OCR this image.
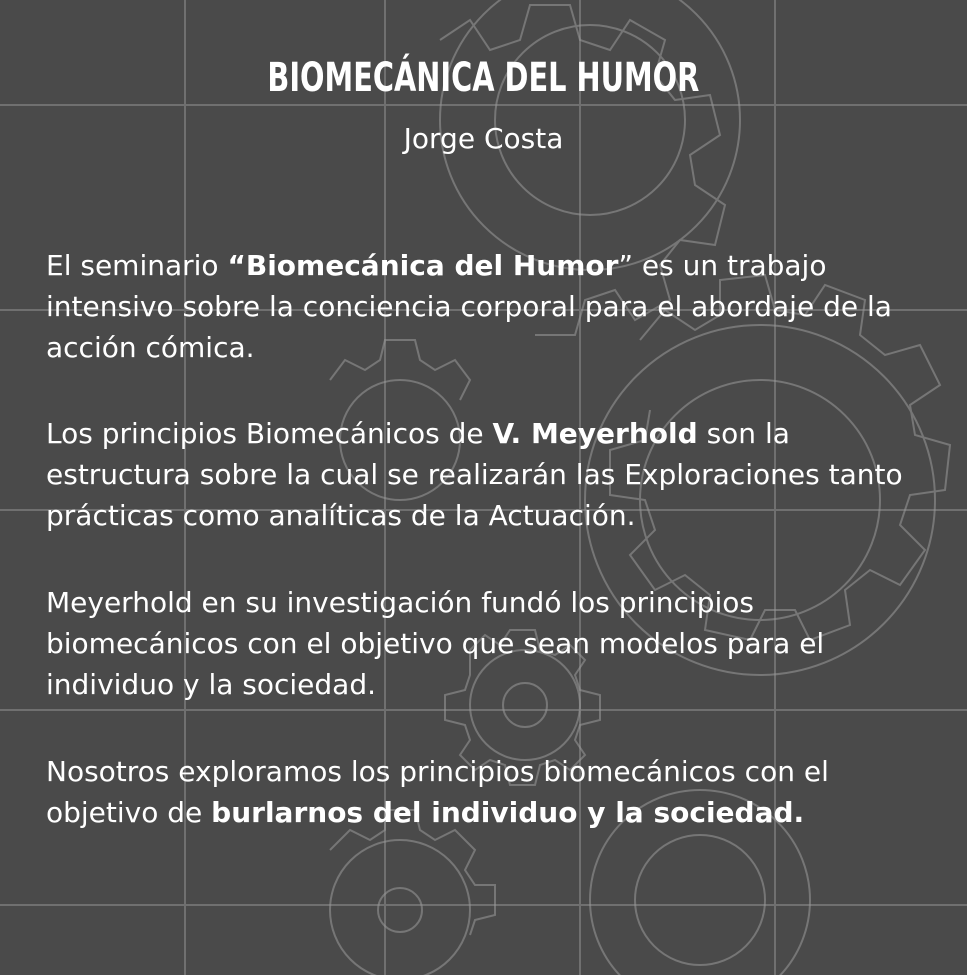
BIOMECÁNICA DEL HUMOR
Jorge Costa

El seminario “Biomecánica del Humor” es un trabajo intensivo sobre la conciencia corporal para el abordaje de la acción cómica.

Los principios Biomecánicos de V. Meyerhold son la estructura sobre la cual se realizarán las Exploraciones tanto prácticas como analíticas de la Actuación.

Meyerhold en su investigación fundó los principios biomecánicos con el objetivo que sean modelos para el individuo y la sociedad.

Nosotros exploramos los principios biomecánicos con el objetivo de burlarnos del individuo y la sociedad.
